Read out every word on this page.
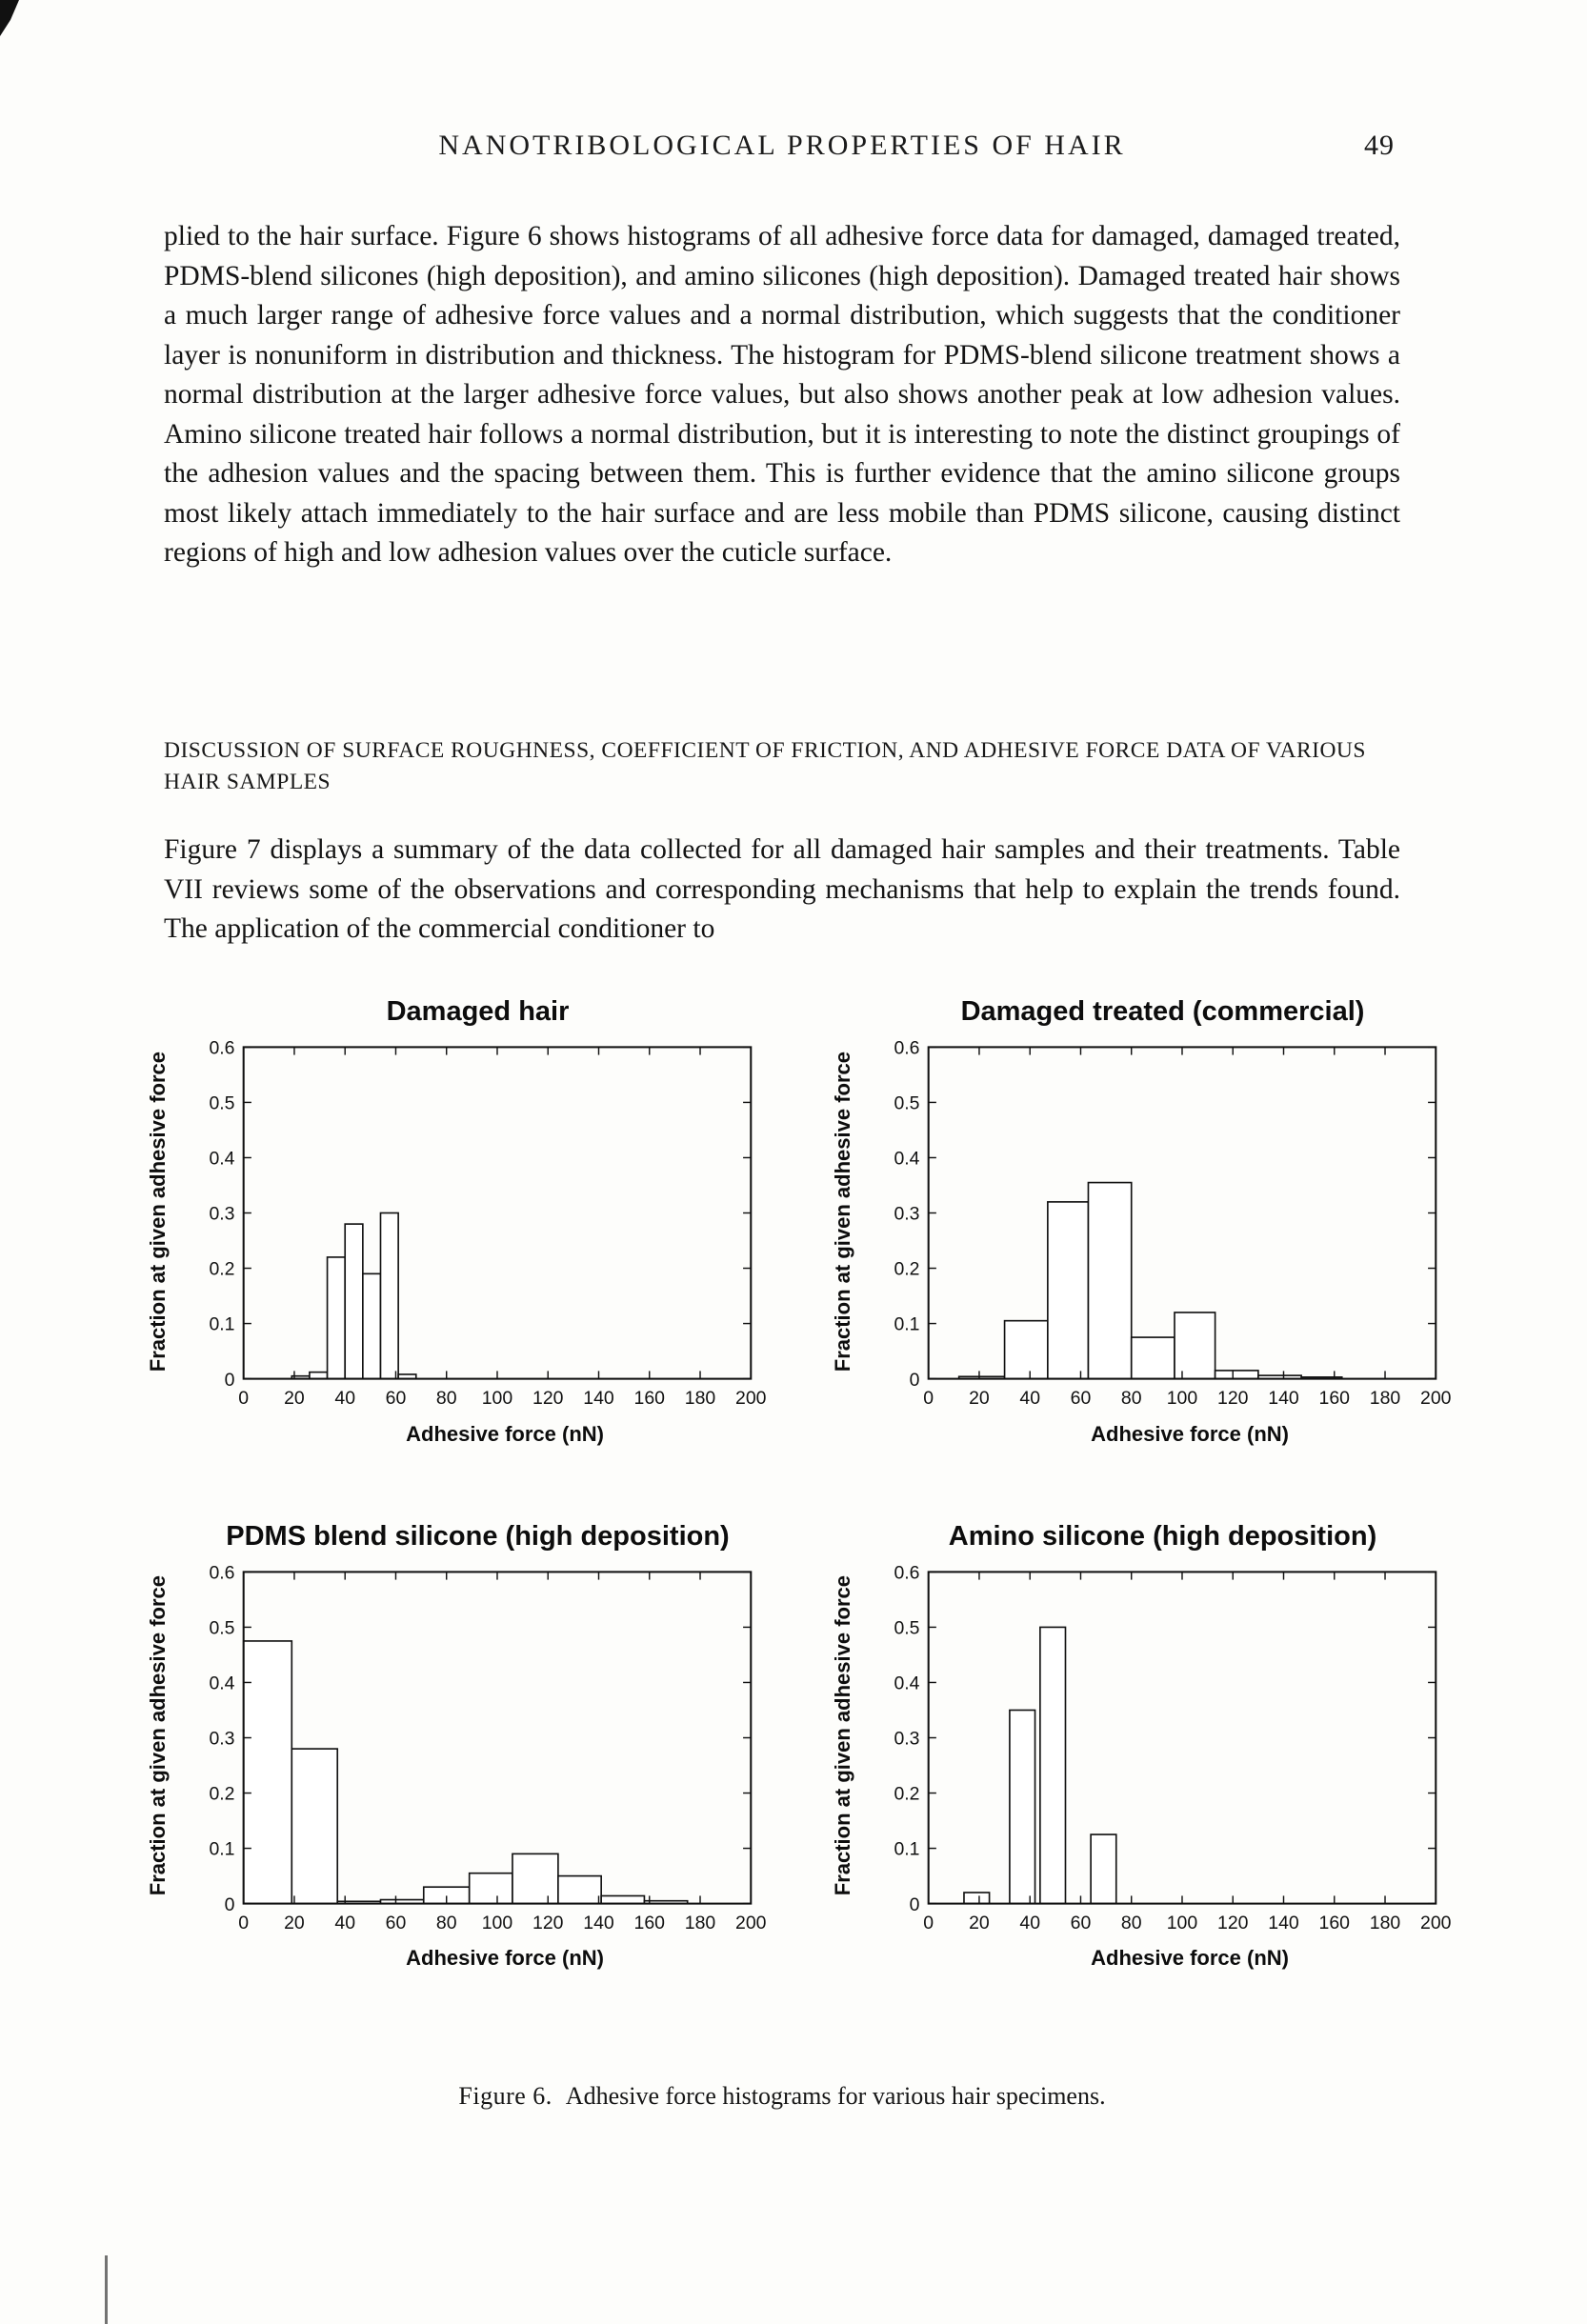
NANOTRIBOLOGICAL PROPERTIES OF HAIR	49

plied to the hair surface. Figure 6 shows histograms of all adhesive force data for damaged, damaged treated, PDMS-blend silicones (high deposition), and amino silicones (high deposition). Damaged treated hair shows a much larger range of adhesive force values and a normal distribution, which suggests that the conditioner layer is nonuniform in distribution and thickness. The histogram for PDMS-blend silicone treatment shows a normal distribution at the larger adhesive force values, but also shows another peak at low adhesion values. Amino silicone treated hair follows a normal distribution, but it is interesting to note the distinct groupings of the adhesion values and the spacing between them. This is further evidence that the amino silicone groups most likely attach immediately to the hair surface and are less mobile than PDMS silicone, causing distinct regions of high and low adhesion values over the cuticle surface.

DISCUSSION OF SURFACE ROUGHNESS, COEFFICIENT OF FRICTION, AND ADHESIVE FORCE DATA OF VARIOUS HAIR SAMPLES

Figure 7 displays a summary of the data collected for all damaged hair samples and their treatments. Table VII reviews some of the observations and corresponding mechanisms that help to explain the trends found. The application of the commercial conditioner to

Damaged hair
Fraction at given adhesive force
0 20 40 60 80 100 120 140 160 180 200
0
0.1
0.2
0.3
0.4
0.5
0.6
Adhesive force (nN)
Damaged treated (commercial)
Fraction at given adhesive force
0 20 40 60 80 100 120 140 160 180 200
0
0.1
0.2
0.3
0.4
0.5
0.6
Adhesive force (nN)
PDMS blend silicone (high deposition)
Fraction at given adhesive force
0 20 40 60 80 100 120 140 160 180 200
0
0.1
0.2
0.3
0.4
0.5
0.6
Adhesive force (nN)
Amino silicone (high deposition)
Fraction at given adhesive force
0 20 40 60 80 100 120 140 160 180 200
0
0.1
0.2
0.3
0.4
0.5
0.6
Adhesive force (nN)
Figure 6. Adhesive force histograms for various hair specimens.
